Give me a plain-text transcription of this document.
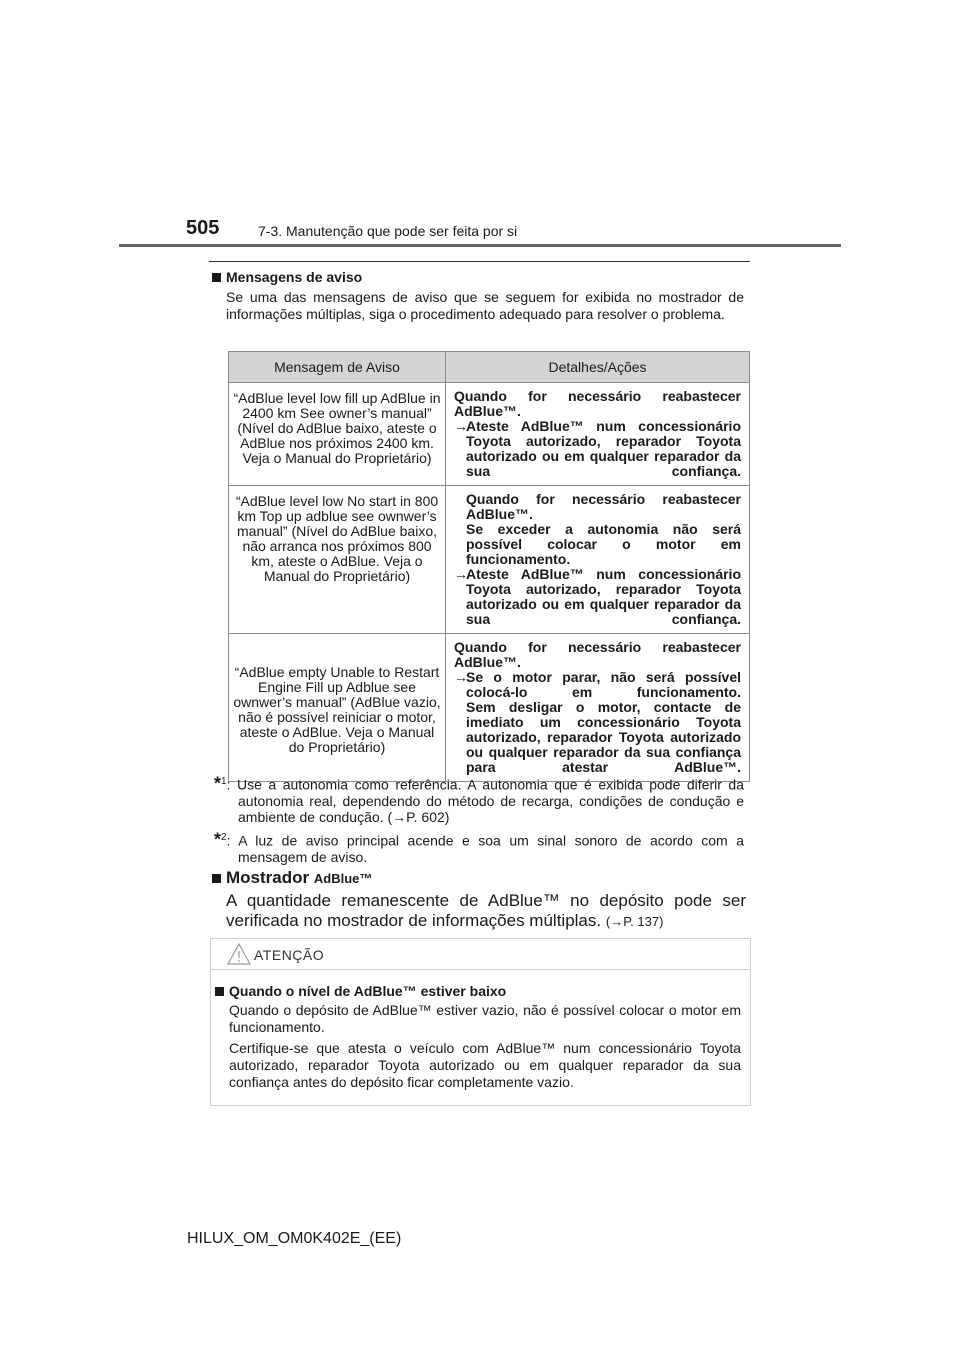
505	7-3. Manutenção que pode ser feita por si
Mensagens de aviso
Se uma das mensagens de aviso que se seguem for exibida no mostrador de informações múltiplas, siga o procedimento adequado para resolver o problema.
Mensagem de Aviso	Detalhes/Ações
“AdBlue level low fill up AdBlue in 2400 km See owner’s manual” (Nível do AdBlue baixo, ateste o AdBlue nos próximos 2400 km. Veja o Manual do Proprietário)	Quando for necessário reabastecer AdBlue™.
→Ateste AdBlue™ num concessionário Toyota autorizado, reparador Toyota autorizado ou em qualquer reparador da sua confiança.

“AdBlue level low No start in 800 km Top up adblue see ownwer’s manual” (Nível do AdBlue baixo, não arranca nos próximos 800 km, ateste o AdBlue. Veja o Manual do Proprietário)	Quando for necessário reabastecer AdBlue™.
Se exceder a autonomia não será possível colocar o motor em funcionamento.
→Ateste AdBlue™ num concessionário Toyota autorizado, reparador Toyota autorizado ou em qualquer reparador da sua confiança.

“AdBlue empty Unable to Restart Engine Fill up Adblue see ownwer’s manual” (AdBlue vazio, não é possível reiniciar o motor, ateste o AdBlue. Veja o Manual do Proprietário)	Quando for necessário reabastecer AdBlue™.
→Se o motor parar, não será possível colocá-lo em funcionamento.
Sem desligar o motor, contacte de imediato um concessionário Toyota autorizado, reparador Toyota autorizado ou qualquer reparador da sua confiança para atestar AdBlue™.
*$^1$: Use a autonomia como referência. A autonomia que é exibida pode diferir da autonomia real, dependendo do método de recarga, condições de condução e ambiente de condução. (→P. 602)
*$^2$: A luz de aviso principal acende e soa um sinal sonoro de acordo com a mensagem de aviso.
Mostrador AdBlue™
A quantidade remanescente de AdBlue™ no depósito pode ser verificada no mostrador de informações múltiplas. (→P. 137)
ATENÇÃO
Quando o nível de AdBlue™ estiver baixo
Quando o depósito de AdBlue™ estiver vazio, não é possível colocar o motor em funcionamento.
Certifique-se que atesta o veículo com AdBlue™ num concessionário Toyota autorizado, reparador Toyota autorizado ou em qualquer reparador da sua confiança antes do depósito ficar completamente vazio.
HILUX_OM_OM0K402E_(EE)
